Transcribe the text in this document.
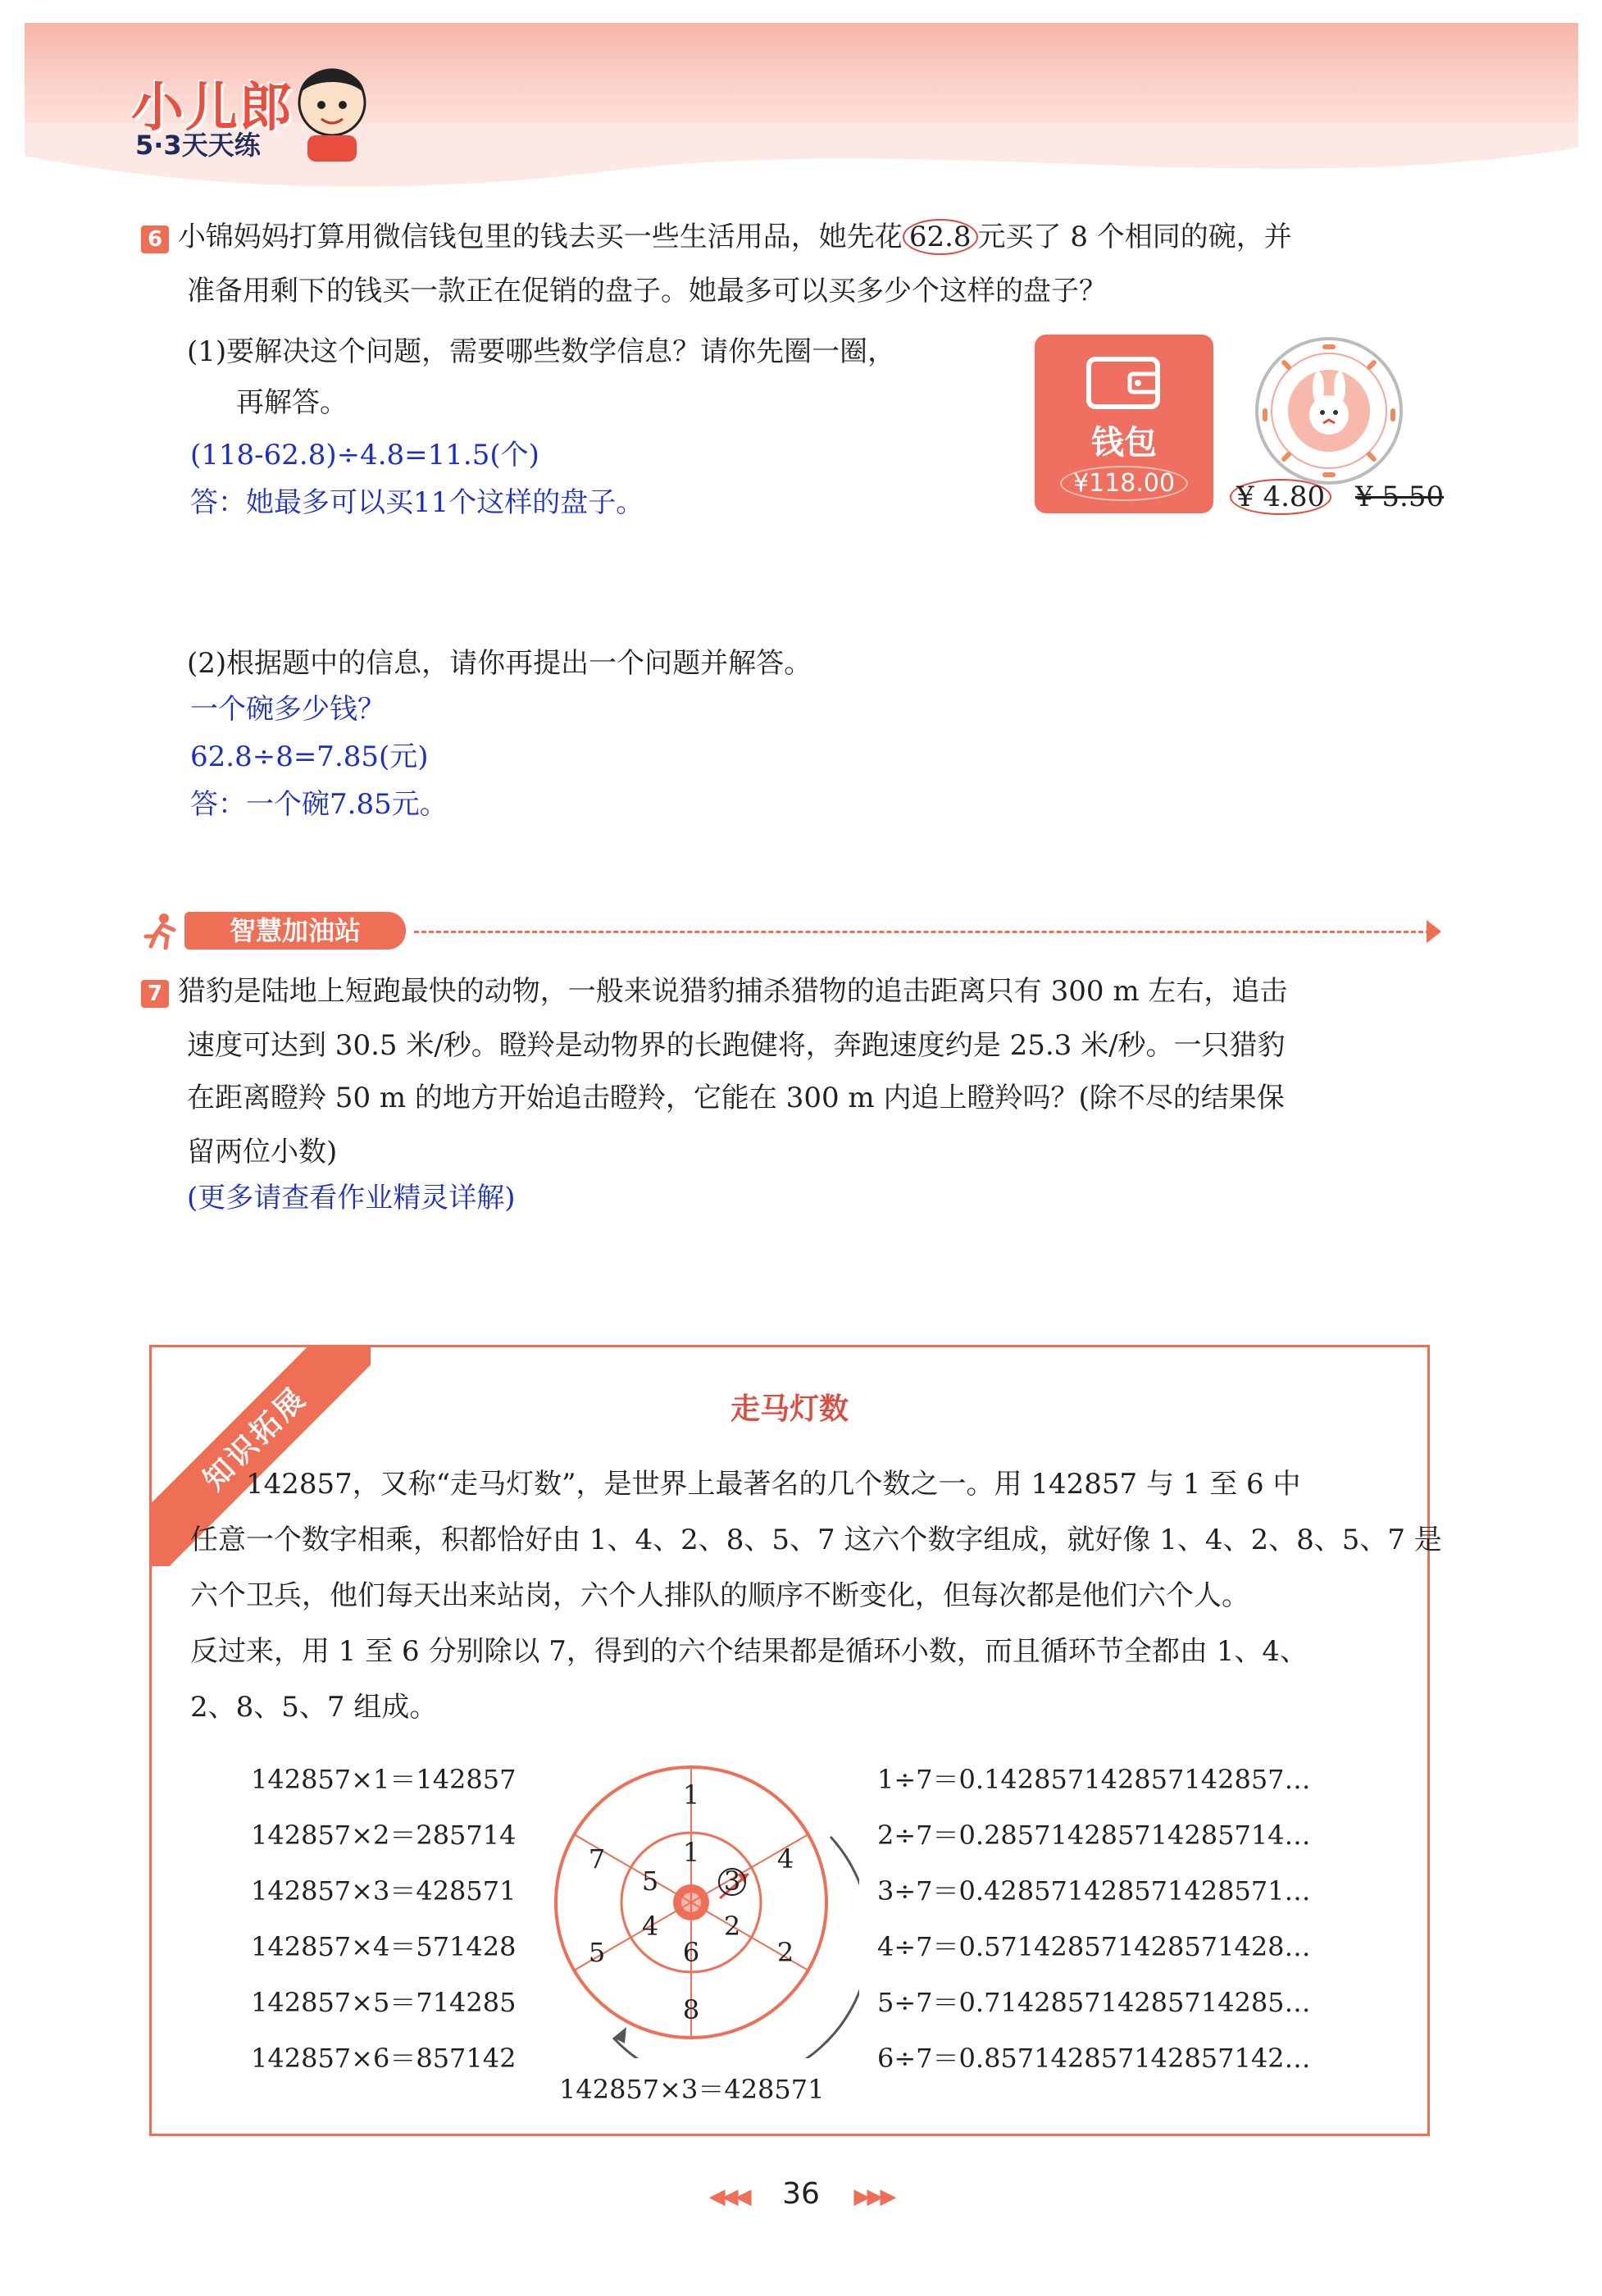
小儿郎
5·3天天练
6 小锦妈妈打算用微信钱包里的钱去买一些生活用品，她先花 62.8 元买了 8 个相同的碗，并
准备用剩下的钱买一款正在促销的盘子。她最多可以买多少个这样的盘子？
(1)要解决这个问题，需要哪些数学信息？请你先圈一圈，
再解答。
(118-62.8)÷4.8=11.5(个)
答：她最多可以买11个这样的盘子。
钱包
¥118.00	¥ 4.80 ¥ 5.50
(2)根据题中的信息，请你再提出一个问题并解答。
一个碗多少钱？
62.8÷8=7.85(元)
答：一个碗7.85元。
智慧加油站
7 猎豹是陆地上短跑最快的动物，一般来说猎豹捕杀猎物的追击距离只有 300 m 左右，追击
速度可达到 30.5 米/秒。瞪羚是动物界的长跑健将，奔跑速度约是 25.3 米/秒。一只猎豹
在距离瞪羚 50 m 的地方开始追击瞪羚，它能在 300 m 内追上瞪羚吗？(除不尽的结果保
留两位小数)
(更多请查看作业精灵详解)
知识拓展	走马灯数
　　142857，又称“走马灯数”，是世界上最著名的几个数之一。用 142857 与 1 至 6 中
任意一个数字相乘，积都恰好由 1、4、2、8、5、7 这六个数字组成，就好像 1、4、2、8、5、7 是
六个卫兵，他们每天出来站岗，六个人排队的顺序不断变化，但每次都是他们六个人。
反过来，用 1 至 6 分别除以 7，得到的六个结果都是循环小数，而且循环节全都由 1、4、
2、8、5、7 组成。
142857×1＝142857
142857×2＝285714
142857×3＝428571
142857×4＝571428
142857×5＝714285
142857×6＝857142
1
4
2
8
5
7	1
3
2
6
4
5
142857×3＝428571
1÷7＝0.142857142857142857…
2÷7＝0.285714285714285714…
3÷7＝0.428571428571428571…
4÷7＝0.571428571428571428…
5÷7＝0.714285714285714285…
6÷7＝0.857142857142857142…
◀◀◀ 36 ▶▶▶
